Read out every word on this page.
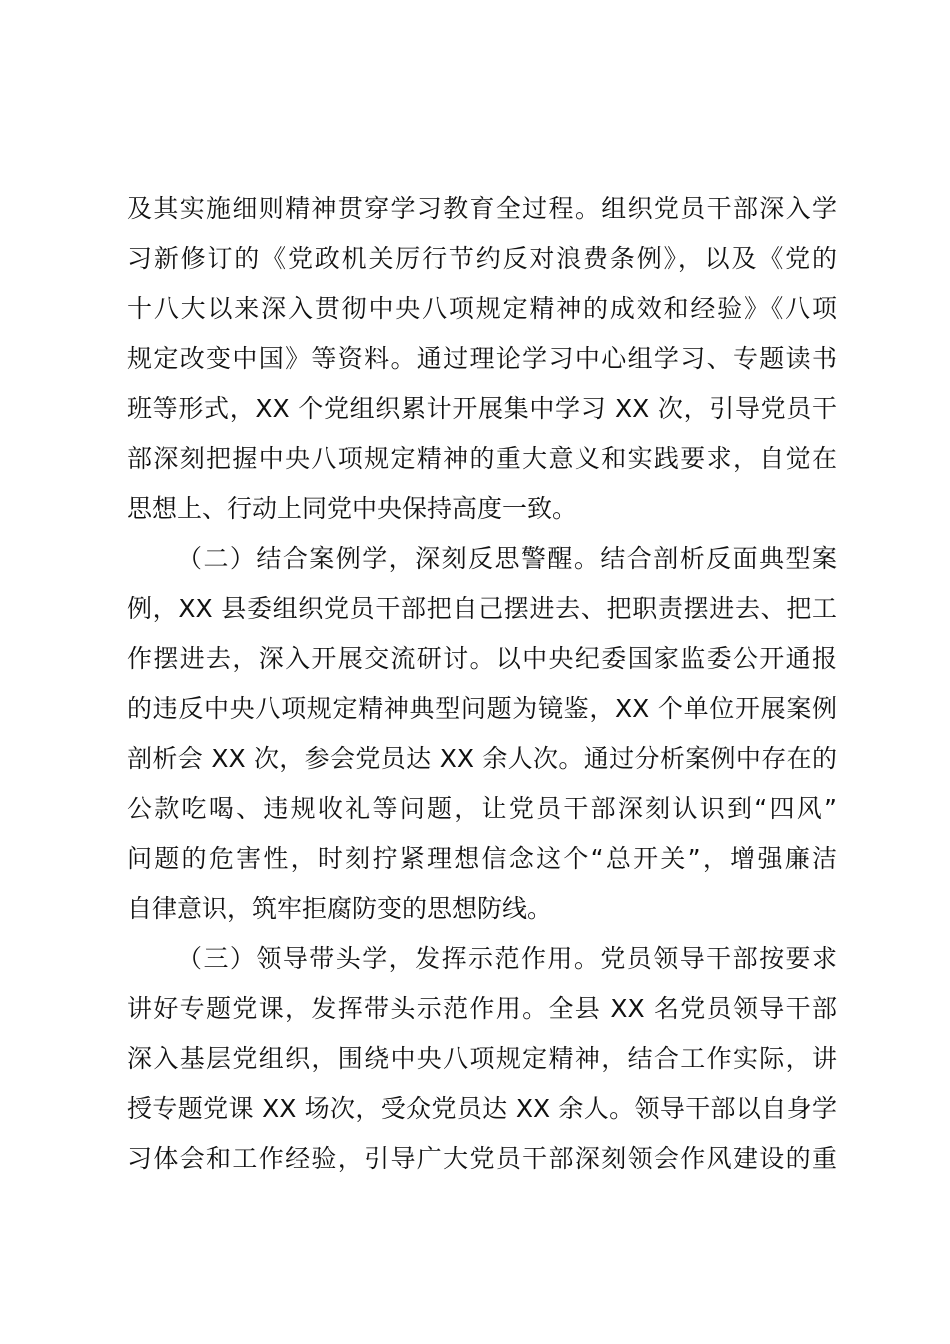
及其实施细则精神贯穿学习教育全过程。组织党员干部深入学
习新修订的《党政机关厉行节约反对浪费条例》，以及《党的
十八大以来深入贯彻中央八项规定精神的成效和经验》《八项
规定改变中国》等资料。通过理论学习中心组学习、专题读书
班等形式，XX 个党组织累计开展集中学习 XX 次，引导党员干
部深刻把握中央八项规定精神的重大意义和实践要求，自觉在
思想上、行动上同党中央保持高度一致。
（二）结合案例学，深刻反思警醒。结合剖析反面典型案
例，XX 县委组织党员干部把自己摆进去、把职责摆进去、把工
作摆进去，深入开展交流研讨。以中央纪委国家监委公开通报
的违反中央八项规定精神典型问题为镜鉴，XX 个单位开展案例
剖析会 XX 次，参会党员达 XX 余人次。通过分析案例中存在的
公款吃喝、违规收礼等问题，让党员干部深刻认识到“四风”
问题的危害性，时刻拧紧理想信念这个“总开关”，增强廉洁
自律意识，筑牢拒腐防变的思想防线。
（三）领导带头学，发挥示范作用。党员领导干部按要求
讲好专题党课，发挥带头示范作用。全县 XX 名党员领导干部
深入基层党组织，围绕中央八项规定精神，结合工作实际，讲
授专题党课 XX 场次，受众党员达 XX 余人。领导干部以自身学
习体会和工作经验，引导广大党员干部深刻领会作风建设的重
